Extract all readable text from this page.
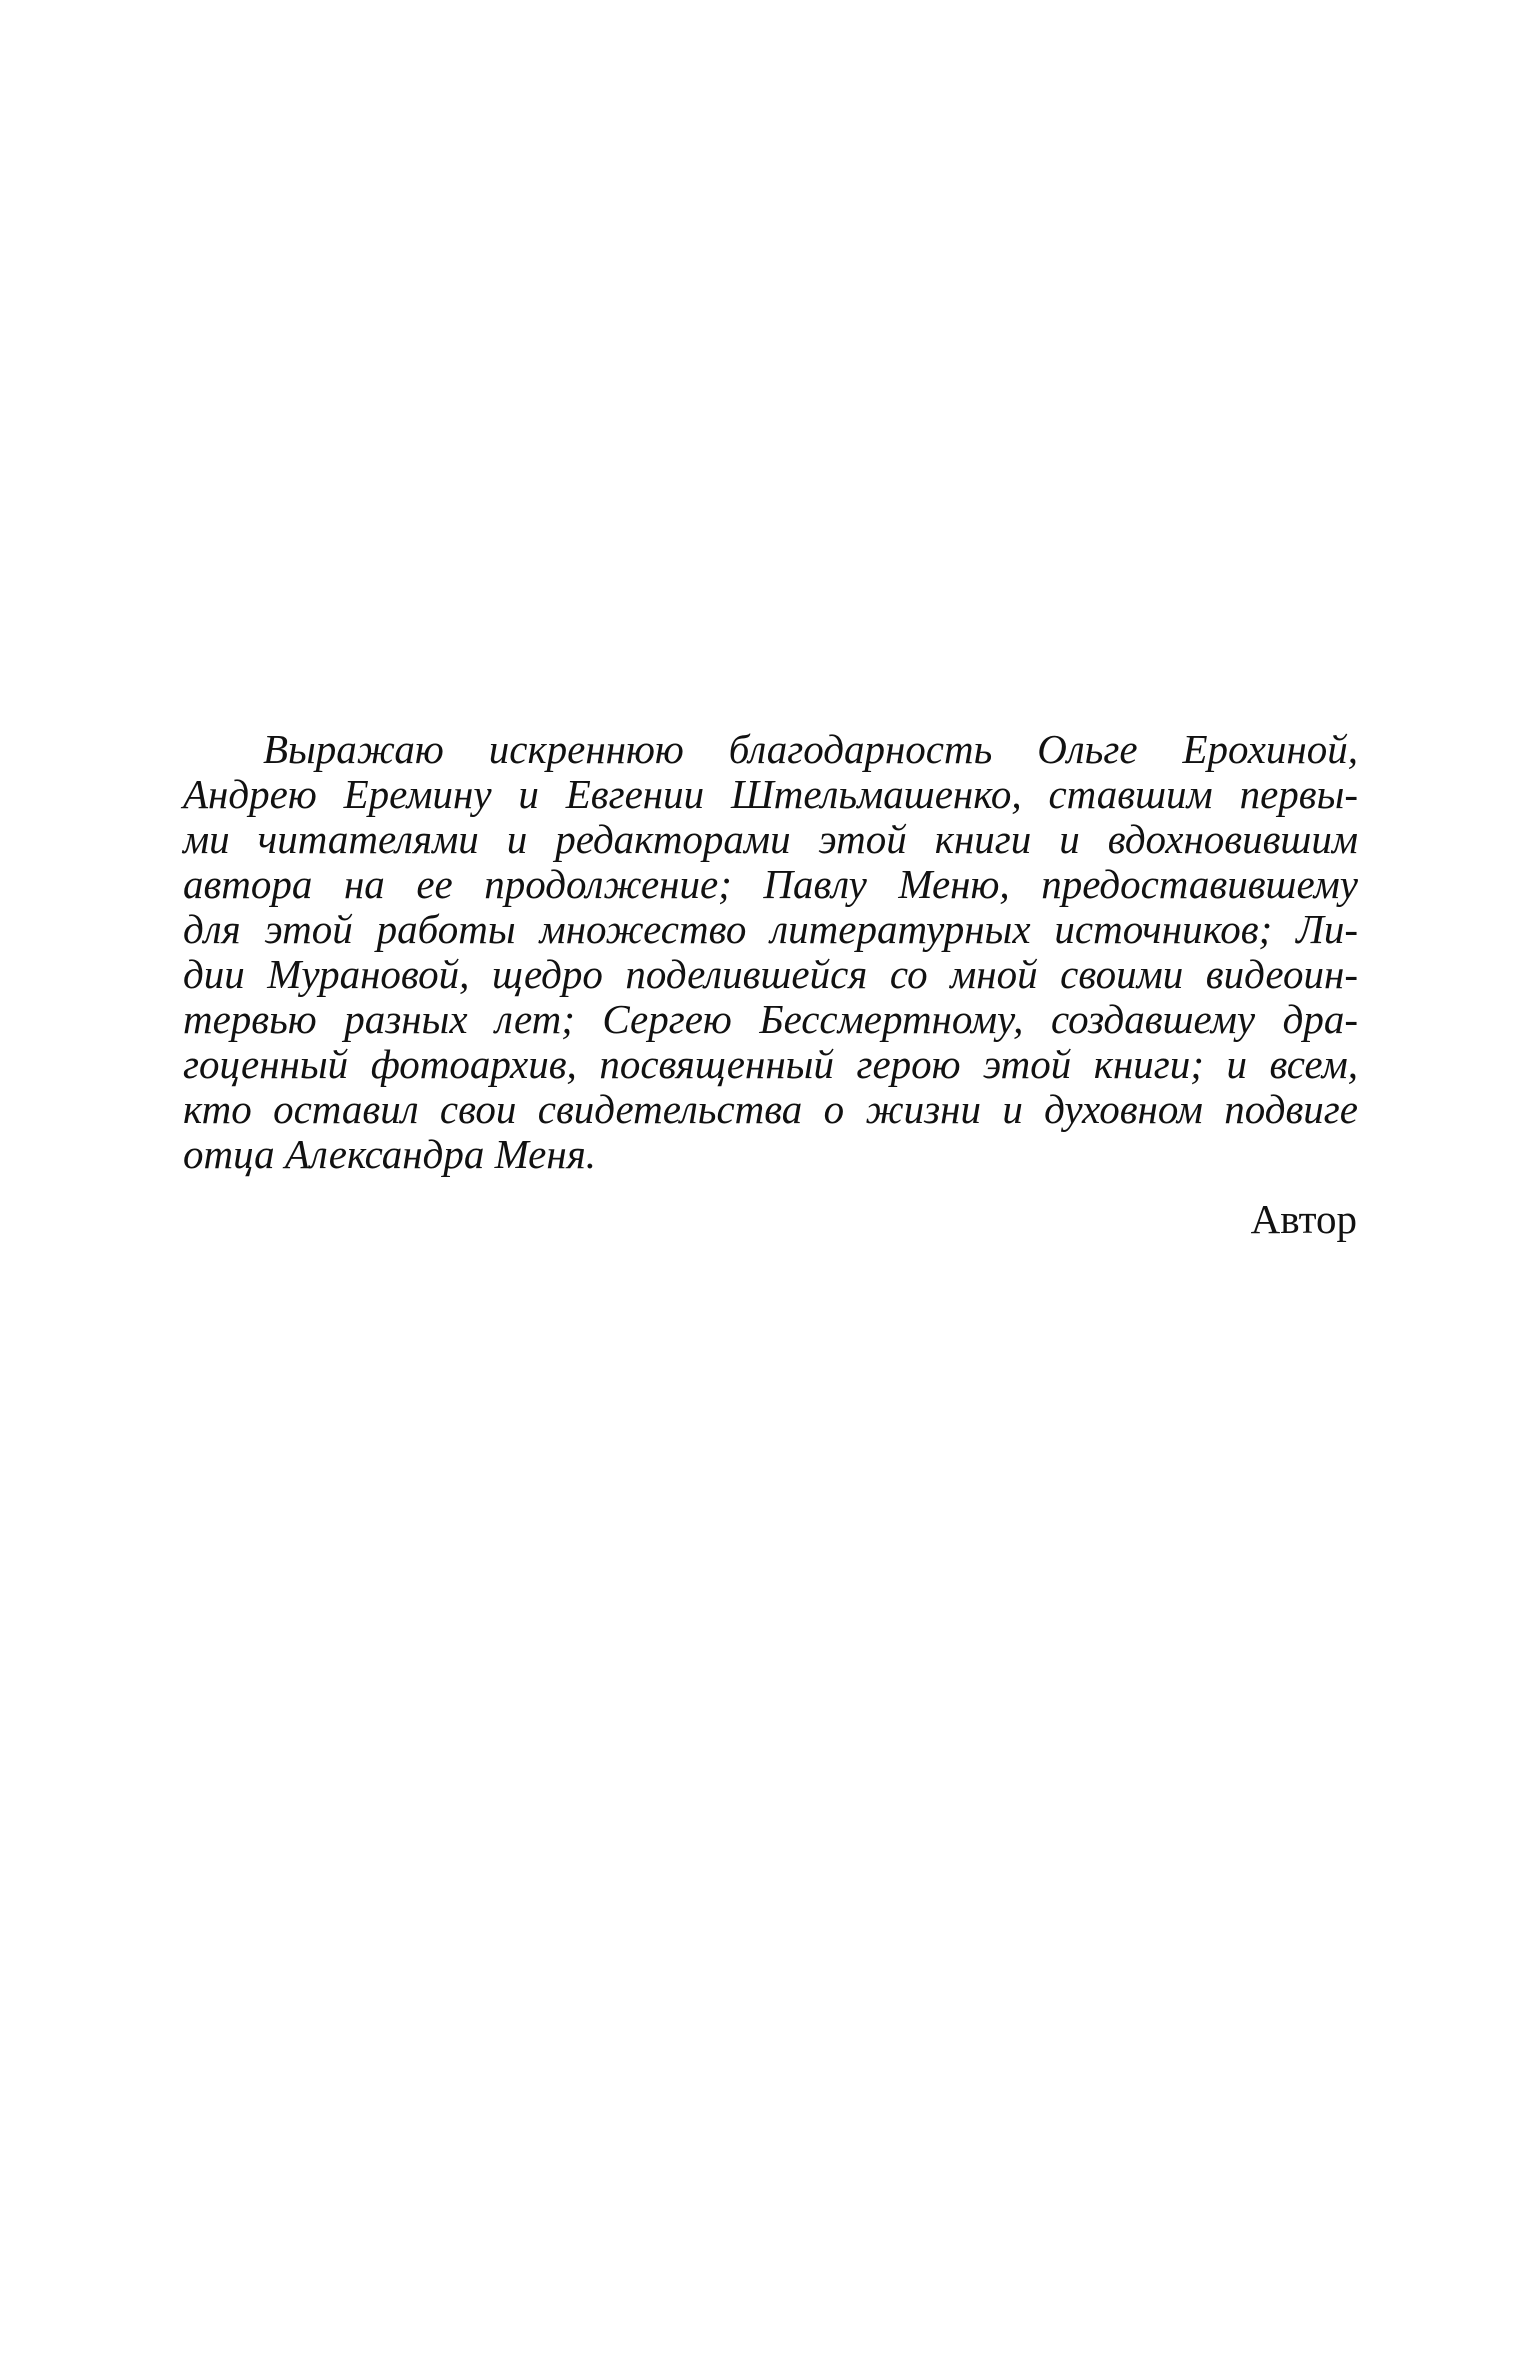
Выражаю искреннюю благодарность Ольге Ерохиной,
Андрею Еремину и Евгении Штельмашенко, ставшим первы-
ми читателями и редакторами этой книги и вдохновившим
автора на ее продолжение; Павлу Меню, предоставившему
для этой работы множество литературных источников; Ли-
дии Мурановой, щедро поделившейся со мной своими видеоин-
тервью разных лет; Сергею Бессмертному, создавшему дра-
гоценный фотоархив, посвященный герою этой книги; и всем,
кто оставил свои свидетельства о жизни и духовном подвиге
отца Александра Меня.
Автор
